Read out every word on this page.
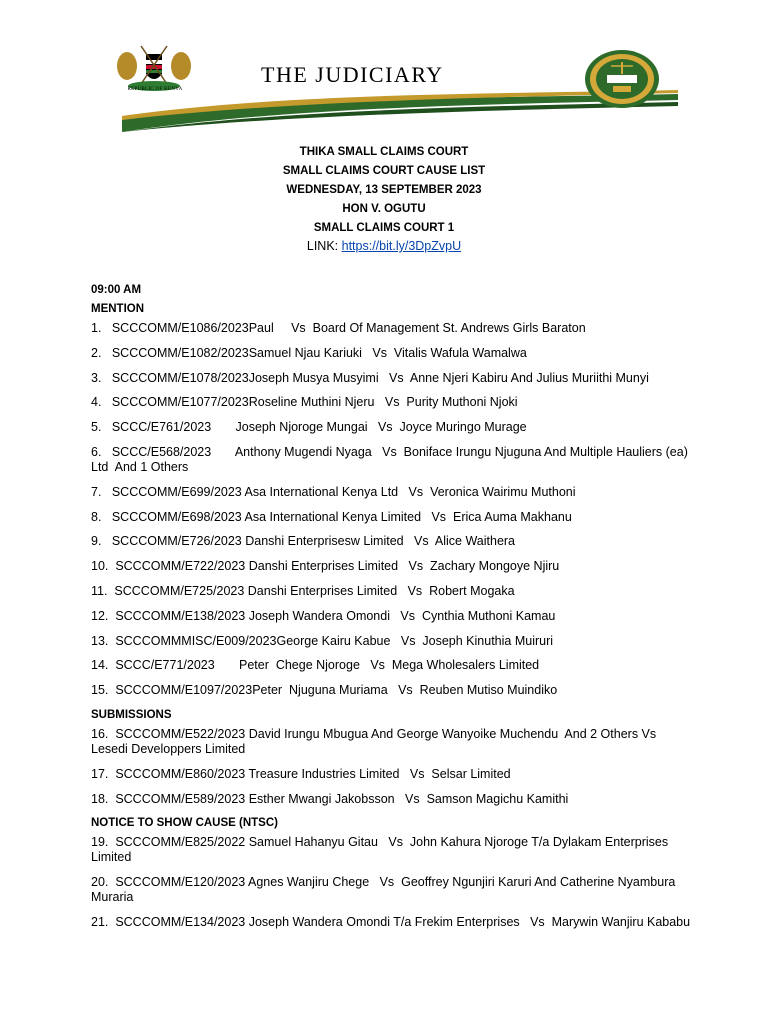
REPUBLIC OF KENYA
THE JUDICIARY
THIKA SMALL CLAIMS COURT
SMALL CLAIMS COURT CAUSE LIST
WEDNESDAY, 13 SEPTEMBER 2023
HON V. OGUTU
SMALL CLAIMS COURT 1
LINK: https://bit.ly/3DpZvpU
09:00 AM
MENTION
1.   SCCCOMM/E1086/2023Paul     Vs  Board Of Management St. Andrews Girls Baraton
2.   SCCCOMM/E1082/2023Samuel Njau Kariuki   Vs  Vitalis Wafula Wamalwa
3.   SCCCOMM/E1078/2023Joseph Musya Musyimi   Vs  Anne Njeri Kabiru And Julius Muriithi Munyi
4.   SCCCOMM/E1077/2023Roseline Muthini Njeru   Vs  Purity Muthoni Njoki
5.   SCCC/E761/2023       Joseph Njoroge Mungai   Vs  Joyce Muringo Murage
6.   SCCC/E568/2023       Anthony Mugendi Nyaga   Vs  Boniface Irungu Njuguna And Multiple Hauliers (ea) Ltd  And 1 Others
7.   SCCCOMM/E699/2023 Asa International Kenya Ltd   Vs  Veronica Wairimu Muthoni
8.   SCCCOMM/E698/2023 Asa International Kenya Limited   Vs  Erica Auma Makhanu
9.   SCCCOMM/E726/2023 Danshi Enterprisesw Limited   Vs  Alice Waithera
10.  SCCCOMM/E722/2023 Danshi Enterprises Limited   Vs  Zachary Mongoye Njiru
11.  SCCCOMM/E725/2023 Danshi Enterprises Limited   Vs  Robert Mogaka
12.  SCCCOMM/E138/2023 Joseph Wandera Omondi   Vs  Cynthia Muthoni Kamau
13.  SCCCOMMMISC/E009/2023George Kairu Kabue   Vs  Joseph Kinuthia Muiruri
14.  SCCC/E771/2023       Peter  Chege Njoroge   Vs  Mega Wholesalers Limited
15.  SCCCOMM/E1097/2023Peter  Njuguna Muriama   Vs  Reuben Mutiso Muindiko
SUBMISSIONS
16.  SCCCOMM/E522/2023 David Irungu Mbugua And George Wanyoike Muchendu  And 2 Others Vs  Lesedi Developpers Limited
17.  SCCCOMM/E860/2023 Treasure Industries Limited   Vs  Selsar Limited
18.  SCCCOMM/E589/2023 Esther Mwangi Jakobsson   Vs  Samson Magichu Kamithi
NOTICE TO SHOW CAUSE (NTSC)
19.  SCCCOMM/E825/2022 Samuel Hahanyu Gitau   Vs  John Kahura Njoroge T/a Dylakam Enterprises Limited
20.  SCCCOMM/E120/2023 Agnes Wanjiru Chege   Vs  Geoffrey Ngunjiri Karuri And Catherine Nyambura Muraria
21.  SCCCOMM/E134/2023 Joseph Wandera Omondi T/a Frekim Enterprises   Vs  Marywin Wanjiru Kababu
